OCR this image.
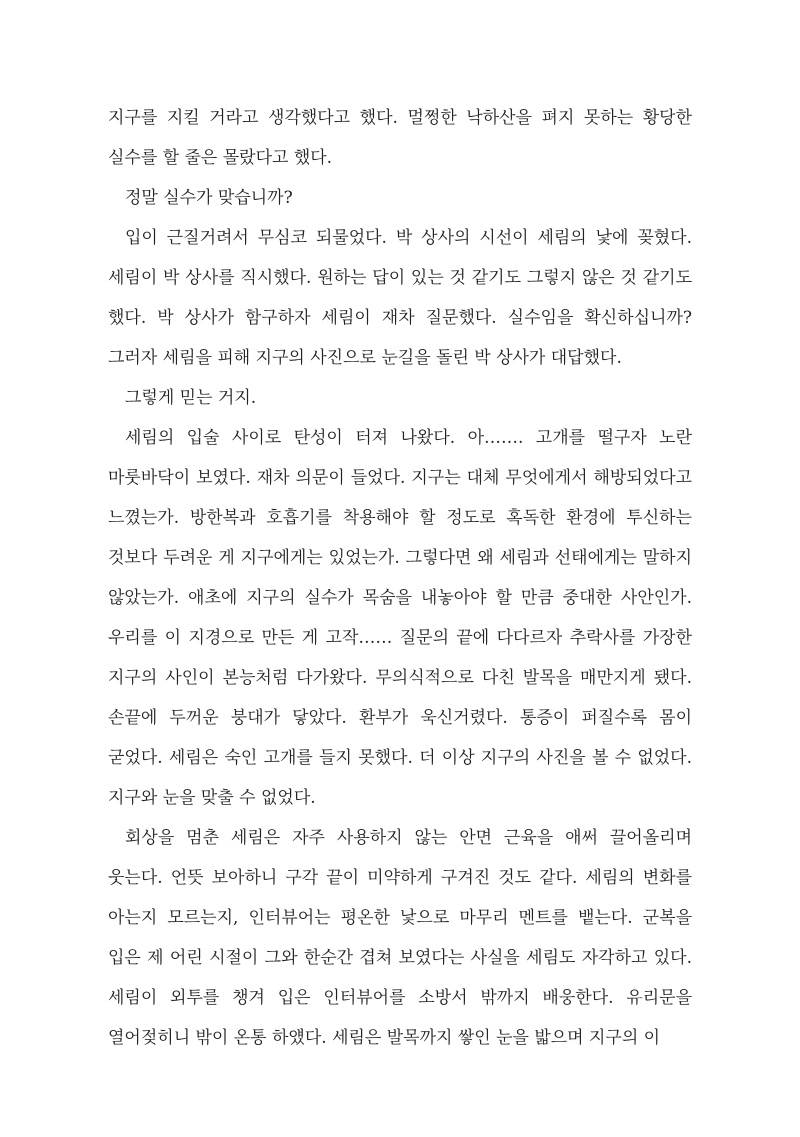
지구를 지킬 거라고 생각했다고 했다. 멀쩡한 낙하산을 펴지 못하는 황당한 실수를 할 줄은 몰랐다고 했다.

정말 실수가 맞습니까?

입이 근질거려서 무심코 되물었다. 박 상사의 시선이 세림의 낯에 꽂혔다. 세림이 박 상사를 직시했다. 원하는 답이 있는 것 같기도 그렇지 않은 것 같기도 했다. 박 상사가 함구하자 세림이 재차 질문했다. 실수임을 확신하십니까? 그러자 세림을 피해 지구의 사진으로 눈길을 돌린 박 상사가 대답했다.

그렇게 믿는 거지.

세림의 입술 사이로 탄성이 터져 나왔다. 아……. 고개를 떨구자 노란 마룻바닥이 보였다. 재차 의문이 들었다. 지구는 대체 무엇에게서 해방되었다고 느꼈는가. 방한복과 호흡기를 착용해야 할 정도로 혹독한 환경에 투신하는 것보다 두려운 게 지구에게는 있었는가. 그렇다면 왜 세림과 선태에게는 말하지 않았는가. 애초에 지구의 실수가 목숨을 내놓아야 할 만큼 중대한 사안인가. 우리를 이 지경으로 만든 게 고작…… 질문의 끝에 다다르자 추락사를 가장한 지구의 사인이 본능처럼 다가왔다. 무의식적으로 다친 발목을 매만지게 됐다. 손끝에 두꺼운 붕대가 닿았다. 환부가 욱신거렸다. 통증이 퍼질수록 몸이 굳었다. 세림은 숙인 고개를 들지 못했다. 더 이상 지구의 사진을 볼 수 없었다. 지구와 눈을 맞출 수 없었다.

회상을 멈춘 세림은 자주 사용하지 않는 안면 근육을 애써 끌어올리며 웃는다. 언뜻 보아하니 구각 끝이 미약하게 구겨진 것도 같다. 세림의 변화를 아는지 모르는지, 인터뷰어는 평온한 낯으로 마무리 멘트를 뱉는다. 군복을 입은 제 어린 시절이 그와 한순간 겹쳐 보였다는 사실을 세림도 자각하고 있다. 세림이 외투를 챙겨 입은 인터뷰어를 소방서 밖까지 배웅한다. 유리문을 열어젖히니 밖이 온통 하얬다. 세림은 발목까지 쌓인 눈을 밟으며 지구의 이
